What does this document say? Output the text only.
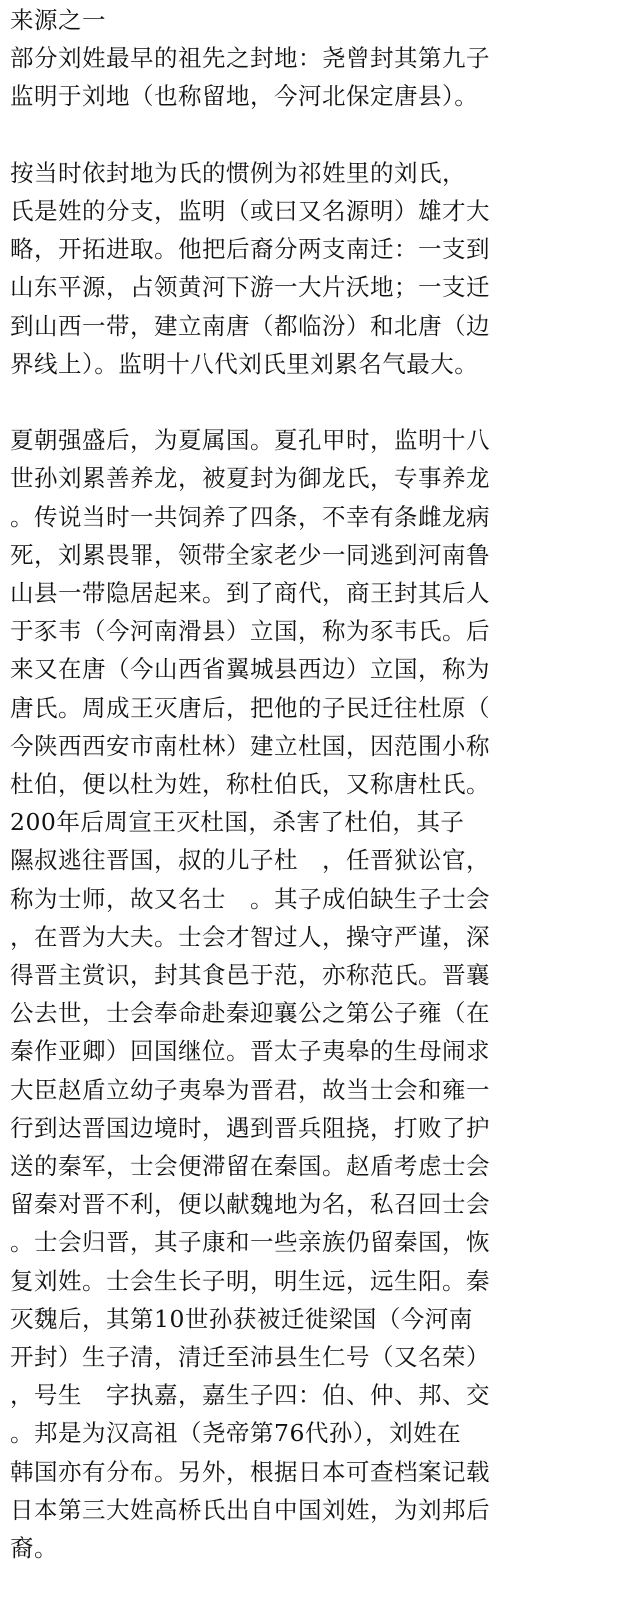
来源之一
部分刘姓最早的祖先之封地：尧曾封其第九子
监明于刘地（也称留地，今河北保定唐县）。
按当时依封地为氏的惯例为祁姓里的刘氏，
氏是姓的分支，监明（或曰又名源明）雄才大
略，开拓进取。他把后裔分两支南迁：一支到
山东平源，占领黄河下游一大片沃地；一支迁
到山西一带，建立南唐（都临汾）和北唐（边
界线上）。监明十八代刘氏里刘累名气最大。
夏朝强盛后，为夏属国。夏孔甲时，监明十八
世孙刘累善养龙，被夏封为御龙氏，专事养龙
。传说当时一共饲养了四条，不幸有条雌龙病
死，刘累畏罪，领带全家老少一同逃到河南鲁
山县一带隐居起来。到了商代，商王封其后人
于豕韦（今河南滑县）立国，称为豕韦氏。后
来又在唐（今山西省翼城县西边）立国，称为
唐氏。周成王灭唐后，把他的子民迁往杜原（
今陕西西安市南杜林）建立杜国，因范围小称
杜伯，便以杜为姓，称杜伯氏，又称唐杜氏。
200年后周宣王灭杜国，杀害了杜伯，其子
隰叔逃往晋国，叔的儿子杜　，任晋狱讼官，
称为士师，故又名士　。其子成伯缺生子士会
，在晋为大夫。士会才智过人，操守严谨，深
得晋主赏识，封其食邑于范，亦称范氏。晋襄
公去世，士会奉命赴秦迎襄公之第公子雍（在
秦作亚卿）回国继位。晋太子夷皋的生母闹求
大臣赵盾立幼子夷皋为晋君，故当士会和雍一
行到达晋国边境时，遇到晋兵阻挠，打败了护
送的秦军，士会便滞留在秦国。赵盾考虑士会
留秦对晋不利，便以献魏地为名，私召回士会
。士会归晋，其子康和一些亲族仍留秦国，恢
复刘姓。士会生长子明，明生远，远生阳。秦
灭魏后，其第10世孙获被迁徙梁国（今河南
开封）生子清，清迁至沛县生仁号（又名荣）
，号生　字执嘉，嘉生子四：伯、仲、邦、交
。邦是为汉高祖（尧帝第76代孙），刘姓在
韩国亦有分布。另外，根据日本可查档案记载
日本第三大姓高桥氏出自中国刘姓，为刘邦后
裔。
